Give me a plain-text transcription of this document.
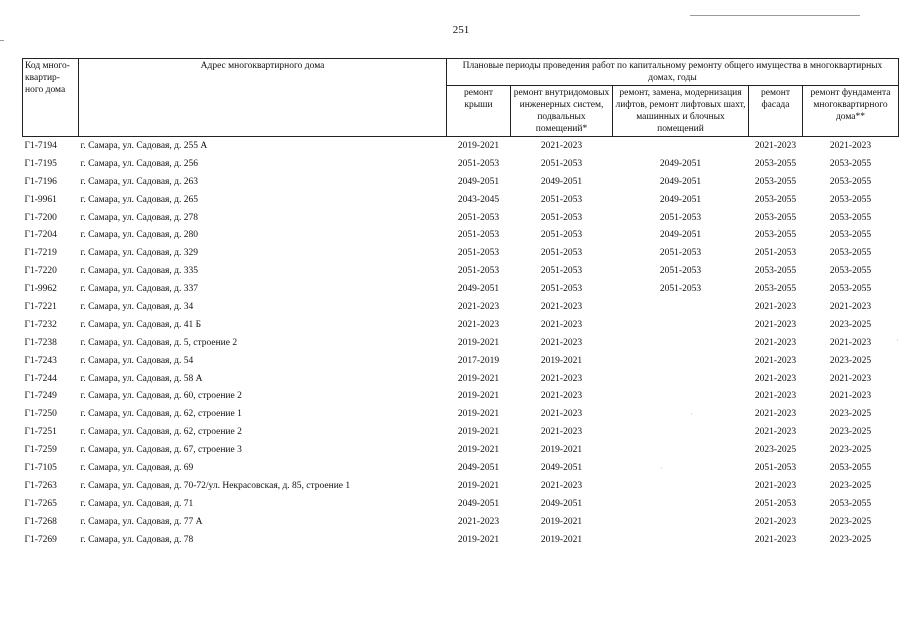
251
·
·
·
Код много-квартир-ного дома	Адрес многоквартирного дома	Плановые периоды проведения работ по капитальному ремонту общего имущества в многоквартирных домах, годы				
		ремонт крыши	ремонт внутридомовых инженерных систем, подвальных помещений*	ремонт, замена, модернизация лифтов, ремонт лифтовых шахт, машинных и блочных помещений	ремонт фасада	ремонт фундамента многоквартирного дома**
Г1-7194	г. Самара, ул. Садовая, д. 255 А	2019-2021	2021-2023		2021-2023	2021-2023
Г1-7195	г. Самара, ул. Садовая, д. 256	2051-2053	2051-2053	2049-2051	2053-2055	2053-2055
Г1-7196	г. Самара, ул. Садовая, д. 263	2049-2051	2049-2051	2049-2051	2053-2055	2053-2055
Г1-9961	г. Самара, ул. Садовая, д. 265	2043-2045	2051-2053	2049-2051	2053-2055	2053-2055
Г1-7200	г. Самара, ул. Садовая, д. 278	2051-2053	2051-2053	2051-2053	2053-2055	2053-2055
Г1-7204	г. Самара, ул. Садовая, д. 280	2051-2053	2051-2053	2049-2051	2053-2055	2053-2055
Г1-7219	г. Самара, ул. Садовая, д. 329	2051-2053	2051-2053	2051-2053	2051-2053	2053-2055
Г1-7220	г. Самара, ул. Садовая, д. 335	2051-2053	2051-2053	2051-2053	2053-2055	2053-2055
Г1-9962	г. Самара, ул. Садовая, д. 337	2049-2051	2051-2053	2051-2053	2053-2055	2053-2055
Г1-7221	г. Самара, ул. Садовая, д. 34	2021-2023	2021-2023		2021-2023	2021-2023
Г1-7232	г. Самара, ул. Садовая, д. 41 Б	2021-2023	2021-2023		2021-2023	2023-2025
Г1-7238	г. Самара, ул. Садовая, д. 5, строение 2	2019-2021	2021-2023		2021-2023	2021-2023
Г1-7243	г. Самара, ул. Садовая, д. 54	2017-2019	2019-2021		2021-2023	2023-2025
Г1-7244	г. Самара, ул. Садовая, д. 58 А	2019-2021	2021-2023		2021-2023	2021-2023
Г1-7249	г. Самара, ул. Садовая, д. 60, строение 2	2019-2021	2021-2023		2021-2023	2021-2023
Г1-7250	г. Самара, ул. Садовая, д. 62, строение 1	2019-2021	2021-2023		2021-2023	2023-2025
Г1-7251	г. Самара, ул. Садовая, д. 62, строение 2	2019-2021	2021-2023		2021-2023	2023-2025
Г1-7259	г. Самара, ул. Садовая, д. 67, строение 3	2019-2021	2019-2021		2023-2025	2023-2025
Г1-7105	г. Самара, ул. Садовая, д. 69	2049-2051	2049-2051		2051-2053	2053-2055
Г1-7263	г. Самара, ул. Садовая, д. 70-72/ул. Некрасовская, д. 85, строение 1	2019-2021	2021-2023		2021-2023	2023-2025
Г1-7265	г. Самара, ул. Садовая, д. 71	2049-2051	2049-2051		2051-2053	2053-2055
Г1-7268	г. Самара, ул. Садовая, д. 77 А	2021-2023	2019-2021		2021-2023	2023-2025
Г1-7269	г. Самара, ул. Садовая, д. 78	2019-2021	2019-2021		2021-2023	2023-2025
